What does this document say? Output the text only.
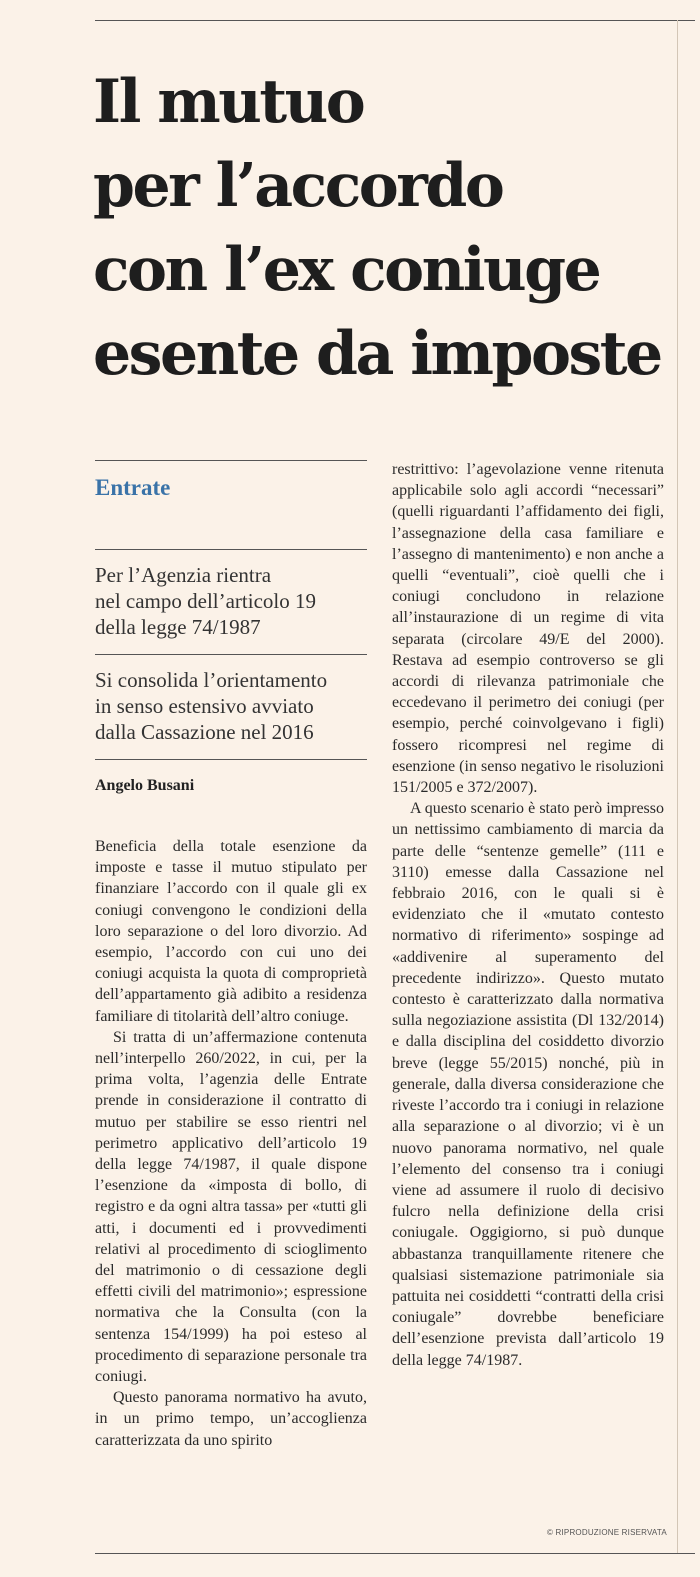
Il mutuo
per l’accordo
con l’ex coniuge
esente da imposte
Entrate
Per l’Agenzia rientra
nel campo dell’articolo 19
della legge 74/1987
Si consolida l’orientamento
in senso estensivo avviato
dalla Cassazione nel 2016
Angelo Busani

Beneficia della totale esenzione da imposte e tasse il mutuo stipulato per finanziare l’accordo con il quale gli ex coniugi convengono le condizioni della loro separazione o del loro divorzio. Ad esempio, l’accordo con cui uno dei coniugi acquista la quota di comproprietà dell’appartamento già adibito a residenza familiare di titolarità dell’altro coniuge.

Si tratta di un’affermazione contenuta nell’interpello 260/2022, in cui, per la prima volta, l’agenzia delle Entrate prende in considerazione il contratto di mutuo per stabilire se esso rientri nel perimetro applicativo dell’articolo 19 della legge 74/1987, il quale dispone l’esenzione da «imposta di bollo, di registro e da ogni altra tassa» per «tutti gli atti, i documenti ed i provvedimenti relativi al procedimento di scioglimento del matrimonio o di cessazione degli effetti civili del matrimonio»; espressione normativa che la Consulta (con la sentenza 154/1999) ha poi esteso al procedimento di separazione personale tra coniugi.

Questo panorama normativo ha avuto, in un primo tempo, un’accoglienza caratterizzata da uno spirito

restrittivo: l’agevolazione venne ritenuta applicabile solo agli accordi “necessari” (quelli riguardanti l’affidamento dei figli, l’assegnazione della casa familiare e l’assegno di mantenimento) e non anche a quelli “eventuali”, cioè quelli che i coniugi concludono in relazione all’instaurazione di un regime di vita separata (circolare 49/E del 2000). Restava ad esempio controverso se gli accordi di rilevanza patrimoniale che eccedevano il perimetro dei coniugi (per esempio, perché coinvolgevano i figli) fossero ricompresi nel regime di esenzione (in senso negativo le risoluzioni 151/2005 e 372/2007).

A questo scenario è stato però impresso un nettissimo cambiamento di marcia da parte delle “sentenze gemelle” (111 e 3110) emesse dalla Cassazione nel febbraio 2016, con le quali si è evidenziato che il «mutato contesto normativo di riferimento» sospinge ad «addivenire al superamento del precedente indirizzo». Questo mutato contesto è caratterizzato dalla normativa sulla negoziazione assistita (Dl 132/2014) e dalla disciplina del cosiddetto divorzio breve (legge 55/2015) nonché, più in generale, dalla diversa considerazione che riveste l’accordo tra i coniugi in relazione alla separazione o al divorzio; vi è un nuovo panorama normativo, nel quale l’elemento del consenso tra i coniugi viene ad assumere il ruolo di decisivo fulcro nella definizione della crisi coniugale. Oggigiorno, si può dunque abbastanza tranquillamente ritenere che qualsiasi sistemazione patrimoniale sia pattuita nei cosiddetti “contratti della crisi coniugale” dovrebbe beneficiare dell’esenzione prevista dall’articolo 19 della legge 74/1987.

© RIPRODUZIONE RISERVATA
